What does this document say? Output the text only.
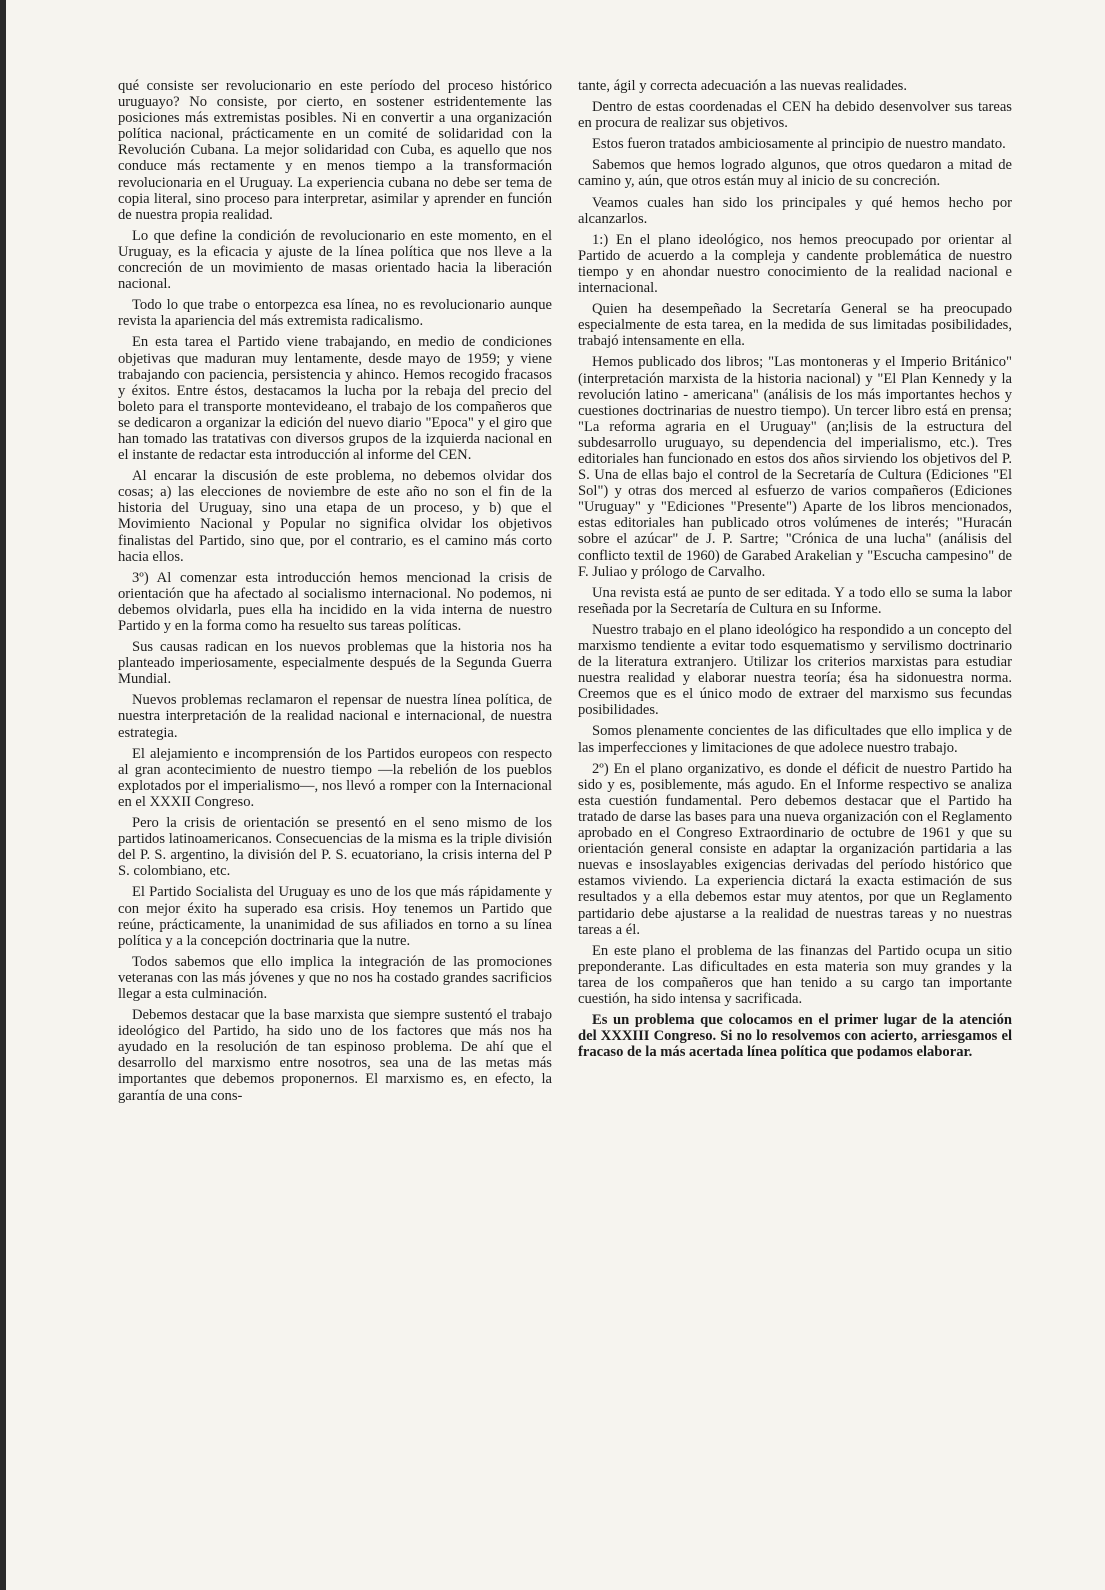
qué consiste ser revolucionario en este período del proceso histórico uruguayo? No consiste, por cierto, en sostener estridentemente las posiciones más extremistas posibles. Ni en convertir a una organización política nacional, prácticamente en un comité de solidaridad con la Revolución Cubana. La mejor solidaridad con Cuba, es aquello que nos conduce más rectamente y en menos tiempo a la transformación revolucionaria en el Uruguay. La experiencia cubana no debe ser tema de copia literal, sino proceso para interpretar, asimilar y aprender en función de nuestra propia realidad.

Lo que define la condición de revolucionario en este momento, en el Uruguay, es la eficacia y ajuste de la línea política que nos lleve a la concreción de un movimiento de masas orientado hacia la liberación nacional.

Todo lo que trabe o entorpezca esa línea, no es revolucionario aunque revista la apariencia del más extremista radicalismo.

En esta tarea el Partido viene trabajando, en medio de condiciones objetivas que maduran muy lentamente, desde mayo de 1959; y viene trabajando con paciencia, persistencia y ahinco. Hemos recogido fracasos y éxitos. Entre éstos, destacamos la lucha por la rebaja del precio del boleto para el transporte montevideano, el trabajo de los compañeros que se dedicaron a organizar la edición del nuevo diario "Epoca" y el giro que han tomado las tratativas con diversos grupos de la izquierda nacional en el instante de redactar esta introducción al informe del CEN.

Al encarar la discusión de este problema, no debemos olvidar dos cosas; a) las elecciones de noviembre de este año no son el fin de la historia del Uruguay, sino una etapa de un proceso, y b) que el Movimiento Nacional y Popular no significa olvidar los objetivos finalistas del Partido, sino que, por el contrario, es el camino más corto hacia ellos.

3º) Al comenzar esta introducción hemos mencionad la crisis de orientación que ha afectado al socialismo internacional. No podemos, ni debemos olvidarla, pues ella ha incidido en la vida interna de nuestro Partido y en la forma como ha resuelto sus tareas políticas.

Sus causas radican en los nuevos problemas que la historia nos ha planteado imperiosamente, especialmente después de la Segunda Guerra Mundial.

Nuevos problemas reclamaron el repensar de nuestra línea política, de nuestra interpretación de la realidad nacional e internacional, de nuestra estrategia.

El alejamiento e incomprensión de los Partidos europeos con respecto al gran acontecimiento de nuestro tiempo —la rebelión de los pueblos explotados por el imperialismo—, nos llevó a romper con la Internacional en el XXXII Congreso.

Pero la crisis de orientación se presentó en el seno mismo de los partidos latinoamericanos. Consecuencias de la misma es la triple división del P. S. argentino, la división del P. S. ecuatoriano, la crisis interna del P S. colombiano, etc.

El Partido Socialista del Uruguay es uno de los que más rápidamente y con mejor éxito ha superado esa crisis. Hoy tenemos un Partido que reúne, prácticamente, la unanimidad de sus afiliados en torno a su línea política y a la concepción doctrinaria que la nutre.

Todos sabemos que ello implica la integración de las promociones veteranas con las más jóvenes y que no nos ha costado grandes sacrificios llegar a esta culminación.

Debemos destacar que la base marxista que siempre sustentó el trabajo ideológico del Partido, ha sido uno de los factores que más nos ha ayudado en la resolución de tan espinoso problema. De ahí que el desarrollo del marxismo entre nosotros, sea una de las metas más importantes que debemos proponernos. El marxismo es, en efecto, la garantía de una cons-

tante, ágil y correcta adecuación a las nuevas realidades.

Dentro de estas coordenadas el CEN ha debido desenvolver sus tareas en procura de realizar sus objetivos.

Estos fueron tratados ambiciosamente al principio de nuestro mandato.

Sabemos que hemos logrado algunos, que otros quedaron a mitad de camino y, aún, que otros están muy al inicio de su concreción.

Veamos cuales han sido los principales y qué hemos hecho por alcanzarlos.

1:) En el plano ideológico, nos hemos preocupado por orientar al Partido de acuerdo a la compleja y candente problemática de nuestro tiempo y en ahondar nuestro conocimiento de la realidad nacional e internacional.

Quien ha desempeñado la Secretaría General se ha preocupado especialmente de esta tarea, en la medida de sus limitadas posibilidades, trabajó intensamente en ella.

Hemos publicado dos libros; "Las montoneras y el Imperio Británico" (interpretación marxista de la historia nacional) y "El Plan Kennedy y la revolución latino - americana" (análisis de los más importantes hechos y cuestiones doctrinarias de nuestro tiempo). Un tercer libro está en prensa; "La reforma agraria en el Uruguay" (an;lisis de la estructura del subdesarrollo uruguayo, su dependencia del imperialismo, etc.). Tres editoriales han funcionado en estos dos años sirviendo los objetivos del P. S. Una de ellas bajo el control de la Secretaría de Cultura (Ediciones "El Sol") y otras dos merced al esfuerzo de varios compañeros (Ediciones "Uruguay" y "Ediciones "Presente") Aparte de los libros mencionados, estas editoriales han publicado otros volúmenes de interés; "Huracán sobre el azúcar" de J. P. Sartre; "Crónica de una lucha" (análisis del conflicto textil de 1960) de Garabed Arakelian y "Escucha campesino" de F. Juliao y prólogo de Carvalho.

Una revista está ae punto de ser editada. Y a todo ello se suma la labor reseñada por la Secretaría de Cultura en su Informe.

Nuestro trabajo en el plano ideológico ha respondido a un concepto del marxismo tendiente a evitar todo esquematismo y servilismo doctrinario de la literatura extranjero. Utilizar los criterios marxistas para estudiar nuestra realidad y elaborar nuestra teoría; ésa ha sidonuestra norma. Creemos que es el único modo de extraer del marxismo sus fecundas posibilidades.

Somos plenamente concientes de las dificultades que ello implica y de las imperfecciones y limitaciones de que adolece nuestro trabajo.

2º) En el plano organizativo, es donde el déficit de nuestro Partido ha sido y es, posiblemente, más agudo. En el Informe respectivo se analiza esta cuestión fundamental. Pero debemos destacar que el Partido ha tratado de darse las bases para una nueva organización con el Reglamento aprobado en el Congreso Extraordinario de octubre de 1961 y que su orientación general consiste en adaptar la organización partidaria a las nuevas e insoslayables exigencias derivadas del período histórico que estamos viviendo. La experiencia dictará la exacta estimación de sus resultados y a ella debemos estar muy atentos, por que un Reglamento partidario debe ajustarse a la realidad de nuestras tareas y no nuestras tareas a él.

En este plano el problema de las finanzas del Partido ocupa un sitio preponderante. Las dificultades en esta materia son muy grandes y la tarea de los compañeros que han tenido a su cargo tan importante cuestión, ha sido intensa y sacrificada.

Es un problema que colocamos en el primer lugar de la atención del XXXIII Congreso. Si no lo resolvemos con acierto, arriesgamos el fracaso de la más acertada línea política que podamos elaborar.
